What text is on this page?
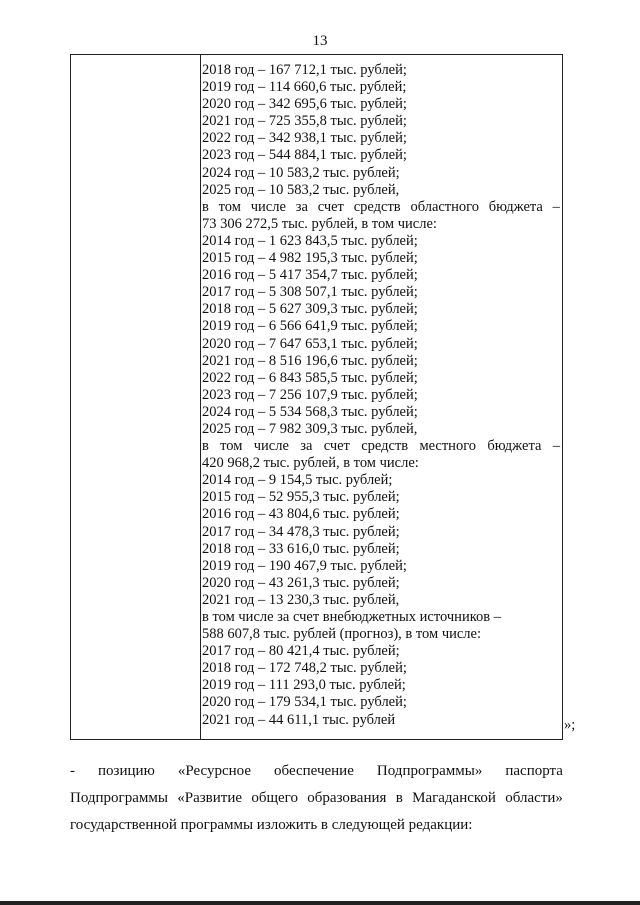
13
2018 год – 167 712,1 тыс. рублей;
2019 год – 114 660,6 тыс. рублей;
2020 год – 342 695,6 тыс. рублей;
2021 год – 725 355,8 тыс. рублей;
2022 год – 342 938,1 тыс. рублей;
2023 год – 544 884,1 тыс. рублей;
2024 год – 10 583,2 тыс. рублей;
2025 год – 10 583,2 тыс. рублей,
в том числе за счет средств областного бюджета –
73 306 272,5 тыс. рублей, в том числе:
2014 год – 1 623 843,5 тыс. рублей;
2015 год – 4 982 195,3 тыс. рублей;
2016 год – 5 417 354,7 тыс. рублей;
2017 год – 5 308 507,1 тыс. рублей;
2018 год – 5 627 309,3 тыс. рублей;
2019 год – 6 566 641,9 тыс. рублей;
2020 год – 7 647 653,1 тыс. рублей;
2021 год – 8 516 196,6 тыс. рублей;
2022 год – 6 843 585,5 тыс. рублей;
2023 год – 7 256 107,9 тыс. рублей;
2024 год – 5 534 568,3 тыс. рублей;
2025 год – 7 982 309,3 тыс. рублей,
в том числе за счет средств местного бюджета –
420 968,2 тыс. рублей, в том числе:
2014 год – 9 154,5 тыс. рублей;
2015 год – 52 955,3 тыс. рублей;
2016 год – 43 804,6 тыс. рублей;
2017 год – 34 478,3 тыс. рублей;
2018 год – 33 616,0 тыс. рублей;
2019 год – 190 467,9 тыс. рублей;
2020 год – 43 261,3 тыс. рублей;
2021 год – 13 230,3 тыс. рублей,
в том числе за счет внебюджетных источников –
588 607,8 тыс. рублей (прогноз), в том числе:
2017 год – 80 421,4 тыс. рублей;
2018 год – 172 748,2 тыс. рублей;
2019 год – 111 293,0 тыс. рублей;
2020 год – 179 534,1 тыс. рублей;
2021 год – 44 611,1 тыс. рублей	»;
- позицию «Ресурсное обеспечение Подпрограммы» паспорта
Подпрограммы «Развитие общего образования в Магаданской области»
государственной программы изложить в следующей редакции:
